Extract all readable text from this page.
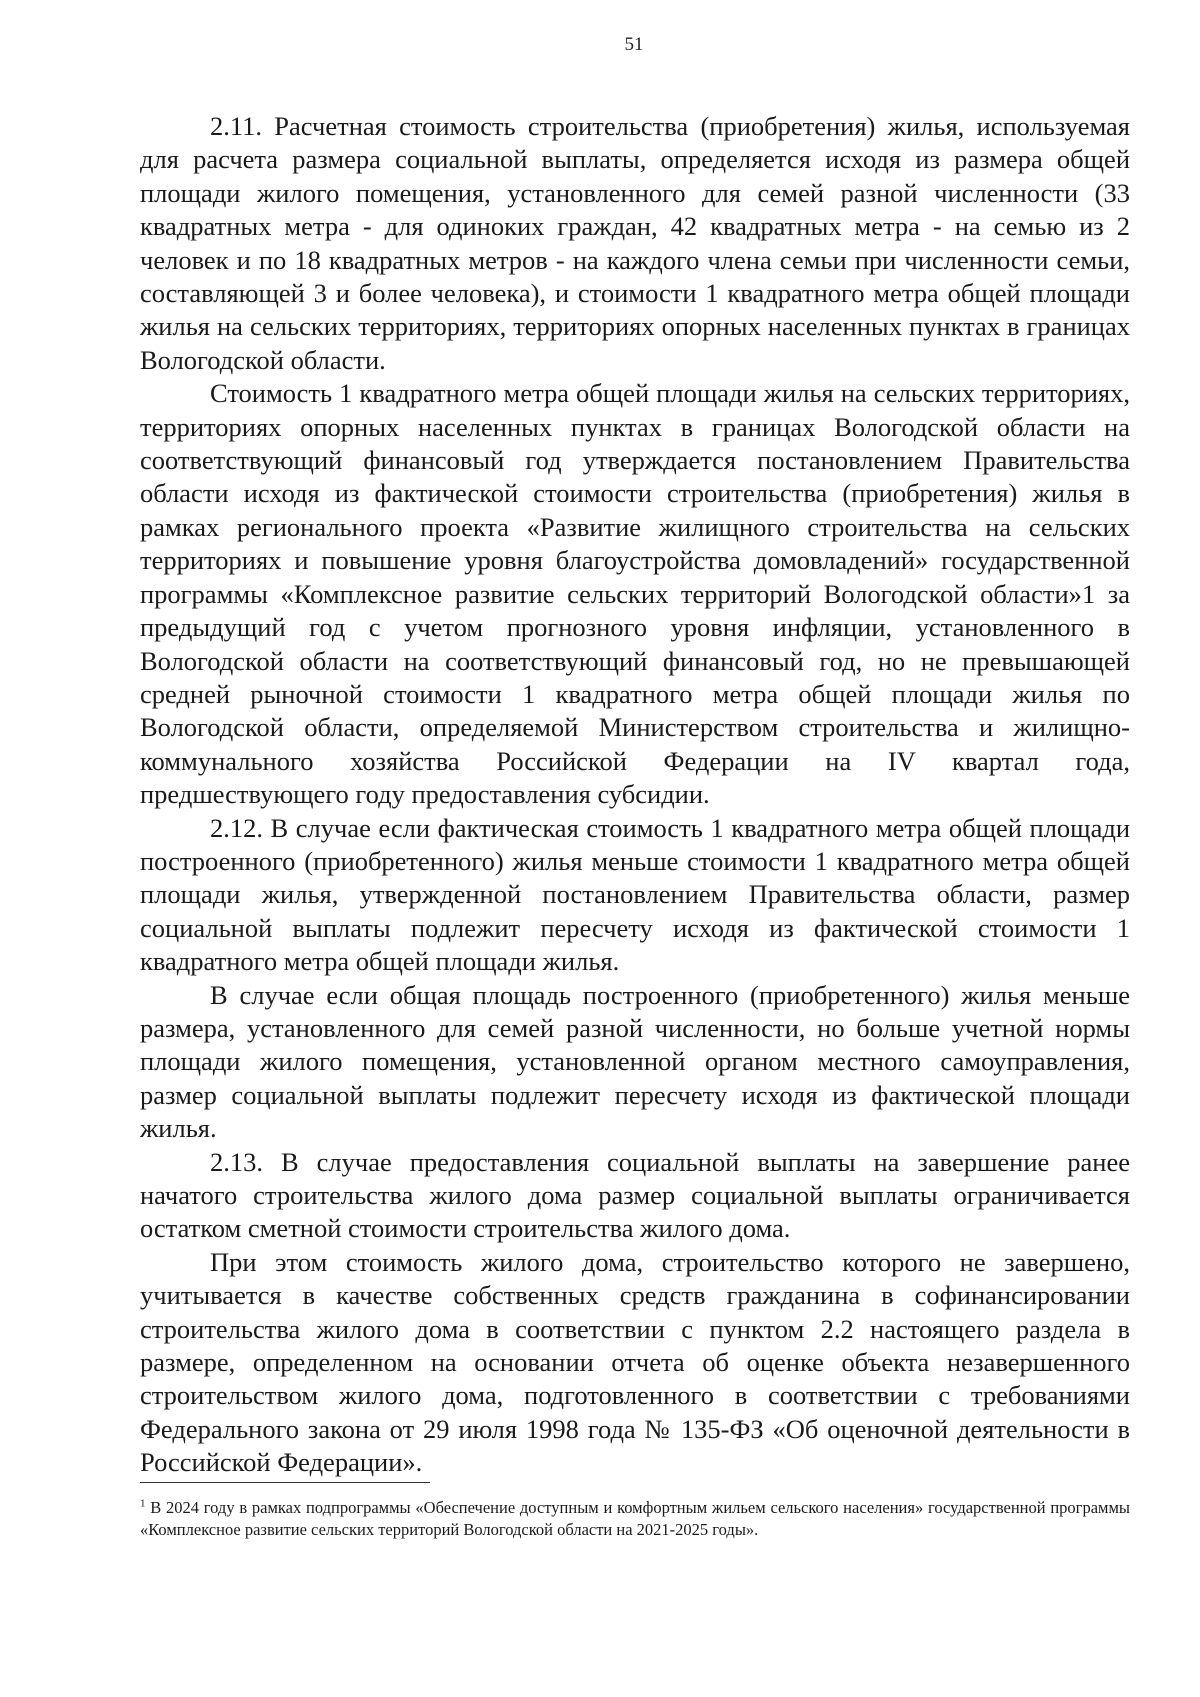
51

2.11. Расчетная стоимость строительства (приобретения) жилья, используемая для расчета размера социальной выплаты, определяется исходя из размера общей площади жилого помещения, установленного для семей разной численности (33 квадратных метра - для одиноких граждан, 42 квадратных метра - на семью из 2 человек и по 18 квадратных метров - на каждого члена семьи при численности семьи, составляющей 3 и более человека), и стоимости 1 квадратного метра общей площади жилья на сельских территориях, территориях опорных населенных пунктах в границах Вологодской области.

Стоимость 1 квадратного метра общей площади жилья на сельских территориях, территориях опорных населенных пунктах в границах Вологодской области на соответствующий финансовый год утверждается постановлением Правительства области исходя из фактической стоимости строительства (приобретения) жилья в рамках регионального проекта «Развитие жилищного строительства на сельских территориях и повышение уровня благоустройства домовладений» государственной программы «Комплексное развитие сельских территорий Вологодской области»1 за предыдущий год с учетом прогнозного уровня инфляции, установленного в Вологодской области на соответствующий финансовый год, но не превышающей средней рыночной стоимости 1 квадратного метра общей площади жилья по Вологодской области, определяемой Министерством строительства и жилищно-коммунального хозяйства Российской Федерации на IV квартал года, предшествующего году предоставления субсидии.

2.12. В случае если фактическая стоимость 1 квадратного метра общей площади построенного (приобретенного) жилья меньше стоимости 1 квадратного метра общей площади жилья, утвержденной постановлением Правительства области, размер социальной выплаты подлежит пересчету исходя из фактической стоимости 1 квадратного метра общей площади жилья.

В случае если общая площадь построенного (приобретенного) жилья меньше размера, установленного для семей разной численности, но больше учетной нормы площади жилого помещения, установленной органом местного самоуправления, размер социальной выплаты подлежит пересчету исходя из фактической площади жилья.

2.13. В случае предоставления социальной выплаты на завершение ранее начатого строительства жилого дома размер социальной выплаты ограничивается остатком сметной стоимости строительства жилого дома.

При этом стоимость жилого дома, строительство которого не завершено, учитывается в качестве собственных средств гражданина в софинансировании строительства жилого дома в соответствии с пунктом 2.2 настоящего раздела в размере, определенном на основании отчета об оценке объекта незавершенного строительством жилого дома, подготовленного в соответствии с требованиями Федерального закона от 29 июля 1998 года № 135-ФЗ «Об оценочной деятельности в Российской Федерации».

$^1$ В 2024 году в рамках подпрограммы «Обеспечение доступным и комфортным жильем сельского населения» государственной программы «Комплексное развитие сельских территорий Вологодской области на 2021-2025 годы».
